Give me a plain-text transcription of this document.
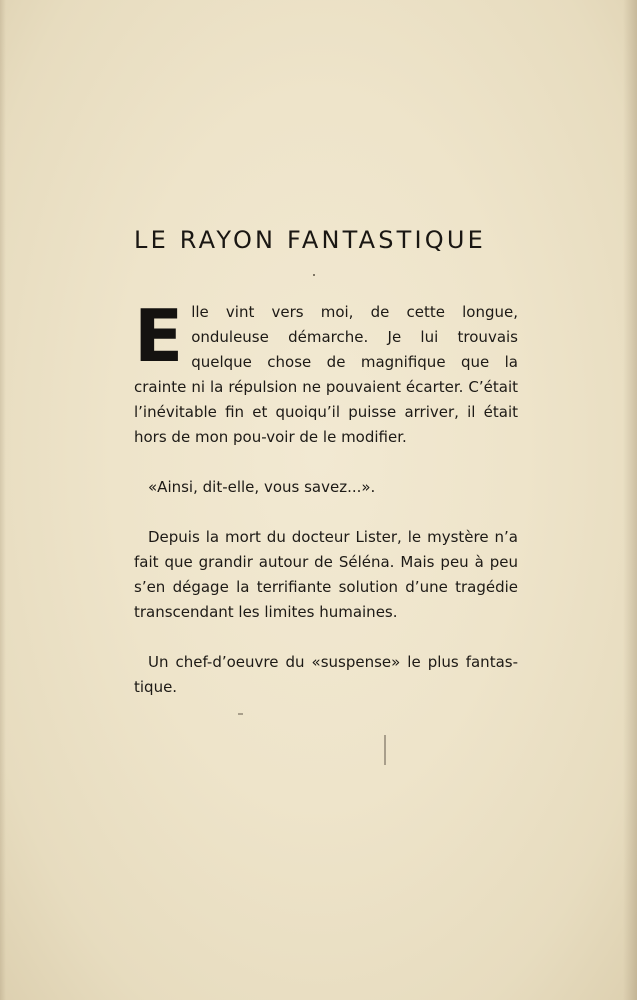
LE RAYON FANTASTIQUE

Elle vint vers moi, de cette longue, onduleuse démarche. Je lui trouvais quelque chose de magnifique que la crainte ni la répulsion ne pouvaient écarter. C’était l’inévitable fin et quoiqu’il puisse arriver, il était hors de mon pou-voir de le modifier.

«Ainsi, dit-elle, vous savez...».

Depuis la mort du docteur Lister, le mystère n’a fait que grandir autour de Séléna. Mais peu à peu s’en dégage la terrifiante solution d’une tragédie transcendant les limites humaines.

Un chef-d’oeuvre du «suspense» le plus fantas-tique.
